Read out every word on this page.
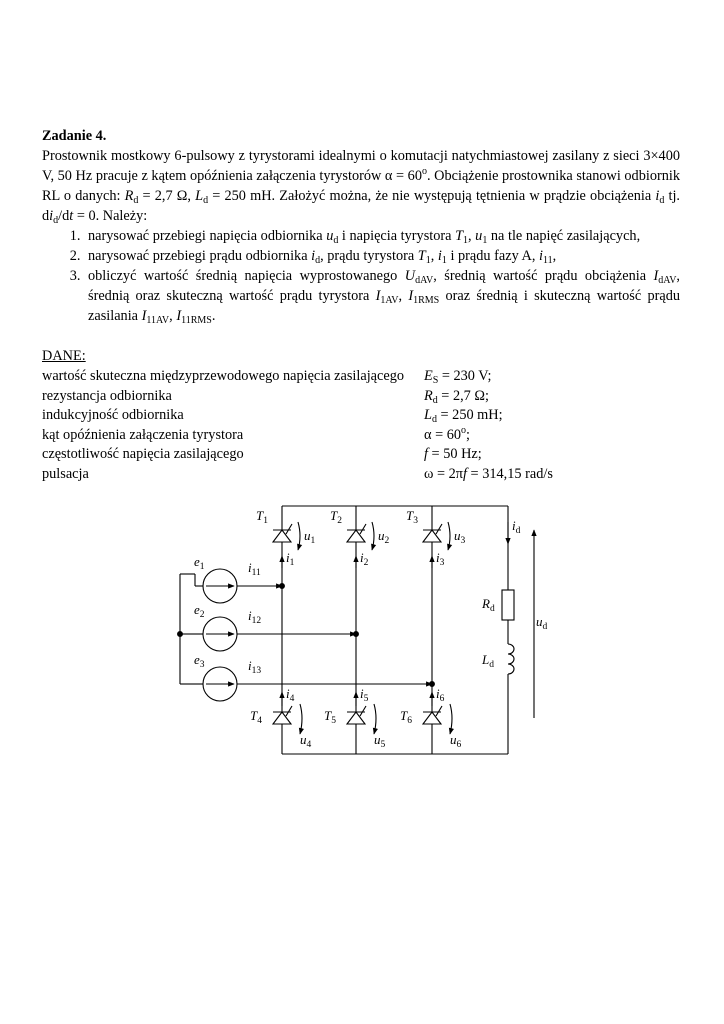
Zadanie 4.

Prostownik mostkowy 6-pulsowy z tyrystorami idealnymi o komutacji natychmiastowej zasilany z sieci 3×400 V, 50 Hz pracuje z kątem opóźnienia załączenia tyrystorów $\alpha = 60^o$. Obciążenie prostownika stanowi odbiornik RL o danych: $R_d = 2,7$ Ω, $L_d = 250$ mH. Założyć można, że nie występują tętnienia w prądzie obciążenia $i_d$ tj. $di_d/dt = 0$. Należy:

1. narysować przebiegi napięcia odbiornika $u_d$ i napięcia tyrystora $T_1$, $u_1$ na tle napięć zasilających,
2. narysować przebiegi prądu odbiornika $i_d$, prądu tyrystora $T_1$, $i_1$ i prądu fazy A, $i_{11}$,
3. obliczyć wartość średnią napięcia wyprostowanego $U_{dAV}$, średnią wartość prądu obciążenia $I_{dAV}$, średnią oraz skuteczną wartość prądu tyrystora $I_{1AV}$, $I_{1RMS}$ oraz średnią i skuteczną wartość prądu zasilania $I_{11AV}$, $I_{11RMS}$.
DANE:
wartość skuteczna międzyprzewodowego napięcia zasilającego	$E_S = 230$ V;
rezystancja odbiornika	$R_d = 2,7$ Ω;
indukcyjność odbiornika	$L_d = 250$ mH;
kąt opóźnienia załączenia tyrystora	$\alpha = 60^o$;
częstotliwość napięcia zasilającego	f = 50 Hz;
pulsacja	ω = 2πf = 314,15 rad/s
$T_1$
$u_1$
$i_1$
$T_2$
$u_2$
$i_2$
$T_3$
$u_3$
$i_3$
$T_4$
$u_4$
$i_4$
$T_5$
$u_5$
$i_5$
$T_6$
$u_6$
$i_6$
$e_1$	$i_{11}$
$e_2$	$i_{12}$
$e_3$	$i_{13}$
$i_d$
$R_d$
$L_d$
$u_d$
